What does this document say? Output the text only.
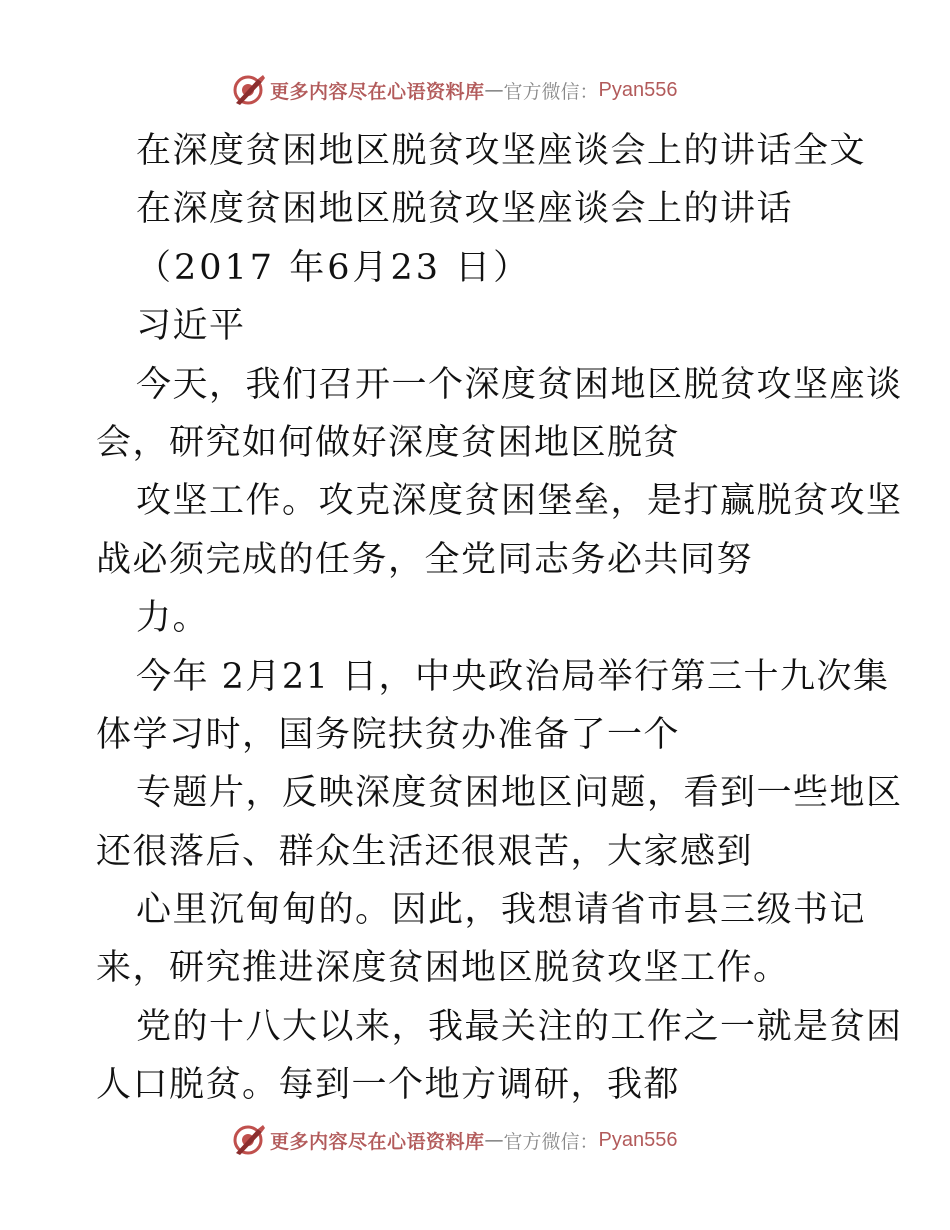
更多内容尽在心语资料库 — 官方微信： Pyan556
在深度贫困地区脱贫攻坚座谈会上的讲话全文
在深度贫困地区脱贫攻坚座谈会上的讲话
（2017 年6月23 日）
习近平
今天，我们召开一个深度贫困地区脱贫攻坚座谈
会，研究如何做好深度贫困地区脱贫
攻坚工作。攻克深度贫困堡垒，是打赢脱贫攻坚
战必须完成的任务，全党同志务必共同努
力。
今年 2月21 日，中央政治局举行第三十九次集
体学习时，国务院扶贫办准备了一个
专题片，反映深度贫困地区问题，看到一些地区
还很落后、群众生活还很艰苦，大家感到
心里沉甸甸的。因此，我想请省市县三级书记
来，研究推进深度贫困地区脱贫攻坚工作。
党的十八大以来，我最关注的工作之一就是贫困
人口脱贫。每到一个地方调研，我都
更多内容尽在心语资料库 — 官方微信： Pyan556
